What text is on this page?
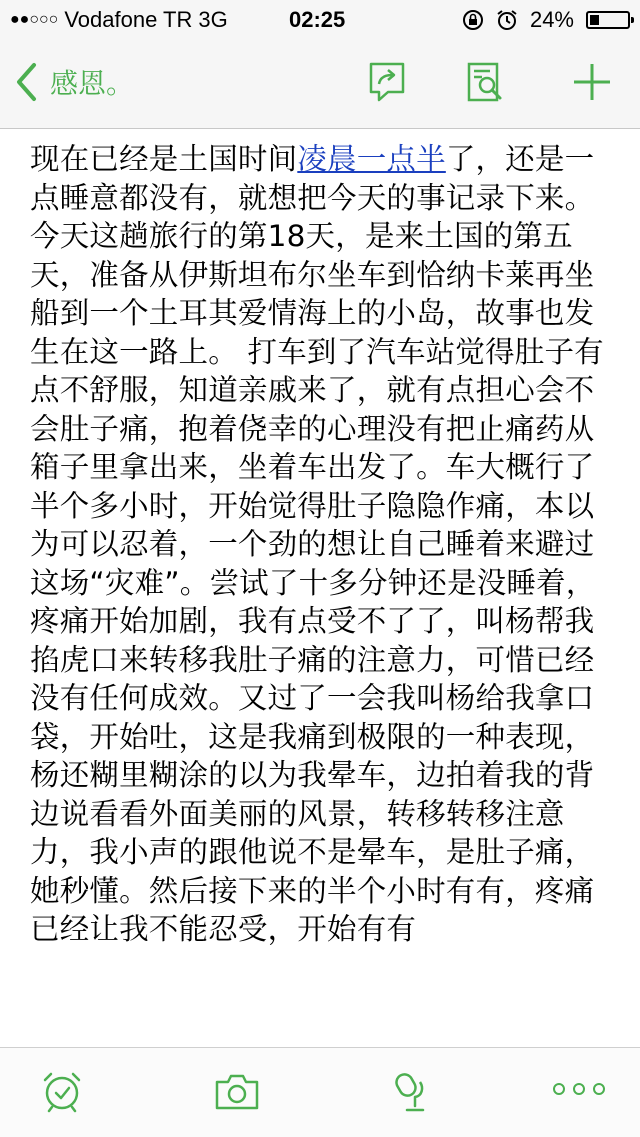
●●○○○ Vodafone TR 3G	02:25	24%
感恩。

现在已经是土国时间凌晨一点半了，还是一点睡意都没有，就想把今天的事记录下来。 今天这趟旅行的第18天，是来土国的第五天，准备从伊斯坦布尔坐车到恰纳卡莱再坐船到一个土耳其爱情海上的小岛，故事也发生在这一路上。 打车到了汽车站觉得肚子有点不舒服，知道亲戚来了，就有点担心会不会肚子痛，抱着侥幸的心理没有把止痛药从箱子里拿出来，坐着车出发了。车大概行了半个多小时，开始觉得肚子隐隐作痛，本以为可以忍着，一个劲的想让自己睡着来避过这场“灾难”。尝试了十多分钟还是没睡着，疼痛开始加剧，我有点受不了了，叫杨帮我掐虎口来转移我肚子痛的注意力，可惜已经没有任何成效。又过了一会我叫杨给我拿口袋，开始吐，这是我痛到极限的一种表现，杨还糊里糊涂的以为我晕车，边拍着我的背边说看看外面美丽的风景，转移转移注意力，我小声的跟他说不是晕车，是肚子痛，她秒懂。然后接下来的半个小时有有，疼痛已经让我不能忍受，开始有有
